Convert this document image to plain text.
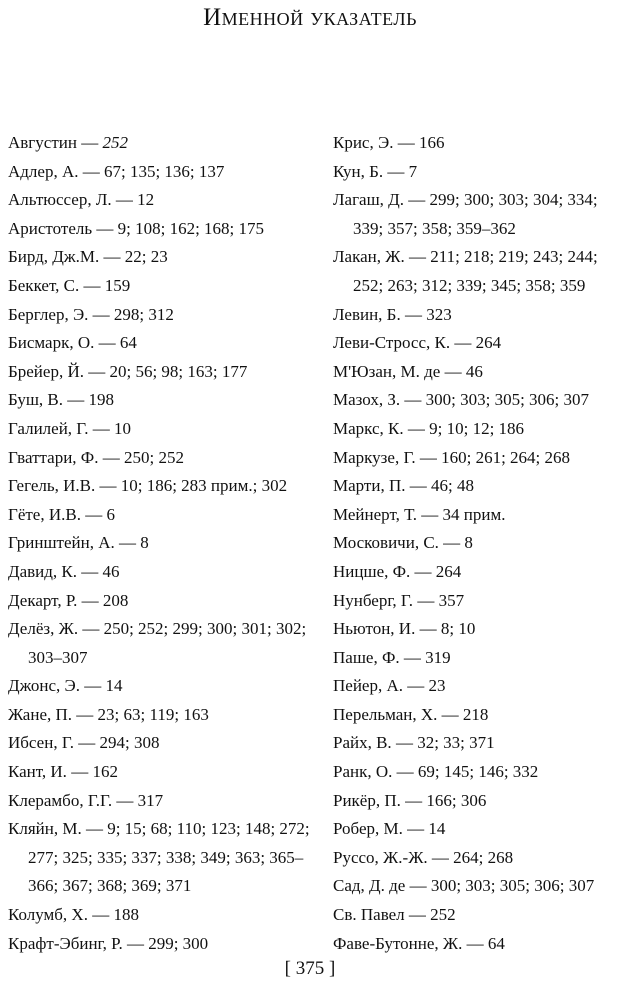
Именной указатель
Августин — 252
Адлер, А. — 67; 135; 136; 137
Альтюссер, Л. — 12
Аристотель — 9; 108; 162; 168; 175
Бирд, Дж.М. — 22; 23
Беккет, С. — 159
Берглер, Э. — 298; 312
Бисмарк, О. — 64
Брейер, Й. — 20; 56; 98; 163; 177
Буш, В. — 198
Галилей, Г. — 10
Гваттари, Ф. — 250; 252
Гегель, И.В. — 10; 186; 283 прим.; 302
Гёте, И.В. — 6
Гринштейн, А. — 8
Давид, К. — 46
Декарт, Р. — 208
Делёз, Ж. — 250; 252; 299; 300; 301; 302; 303–307
Джонс, Э. — 14
Жане, П. — 23; 63; 119; 163
Ибсен, Г. — 294; 308
Кант, И. — 162
Клерамбо, Г.Г. — 317
Кляйн, М. — 9; 15; 68; 110; 123; 148; 272; 277; 325; 335; 337; 338; 349; 363; 365–366; 367; 368; 369; 371
Колумб, Х. — 188
Крафт-Эбинг, Р. — 299; 300
Крис, Э. — 166
Кун, Б. — 7
Лагаш, Д. — 299; 300; 303; 304; 334; 339; 357; 358; 359–362
Лакан, Ж. — 211; 218; 219; 243; 244; 252; 263; 312; 339; 345; 358; 359
Левин, Б. — 323
Леви-Стросс, К. — 264
М'Юзан, М. де — 46
Мазох, З. — 300; 303; 305; 306; 307
Маркс, К. — 9; 10; 12; 186
Маркузе, Г. — 160; 261; 264; 268
Марти, П. — 46; 48
Мейнерт, Т. — 34 прим.
Московичи, С. — 8
Ницше, Ф. — 264
Нунберг, Г. — 357
Ньютон, И. — 8; 10
Паше, Ф. — 319
Пейер, А. — 23
Перельман, Х. — 218
Райх, В. — 32; 33; 371
Ранк, О. — 69; 145; 146; 332
Рикёр, П. — 166; 306
Робер, М. — 14
Руссо, Ж.-Ж. — 264; 268
Сад, Д. де — 300; 303; 305; 306; 307
Св. Павел — 252
Фаве-Бутонне, Ж. — 64
[ 375 ]
